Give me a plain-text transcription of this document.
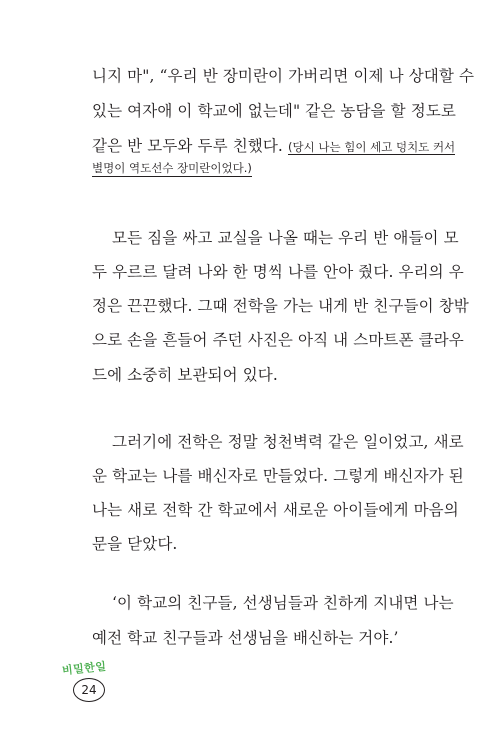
니지 마", “우리 반 장미란이 가버리면 이제 나 상대할 수
있는 여자애 이 학교에 없는데" 같은 농담을 할 정도로
같은 반 모두와 두루 친했다. (당시 나는 힘이 세고 덩치도 커서
별명이 역도선수 장미란이었다.)
모든 짐을 싸고 교실을 나올 때는 우리 반 애들이 모
두 우르르 달려 나와 한 명씩 나를 안아 줬다. 우리의 우
정은 끈끈했다. 그때 전학을 가는 내게 반 친구들이 창밖
으로 손을 흔들어 주던 사진은 아직 내 스마트폰 클라우
드에 소중히 보관되어 있다.
그러기에 전학은 정말 청천벽력 같은 일이었고, 새로
운 학교는 나를 배신자로 만들었다. 그렇게 배신자가 된
나는 새로 전학 간 학교에서 새로운 아이들에게 마음의
문을 닫았다.
‘이 학교의 친구들, 선생님들과 친하게 지내면 나는
예전 학교 친구들과 선생님을 배신하는 거야.’
비밀한일
24
